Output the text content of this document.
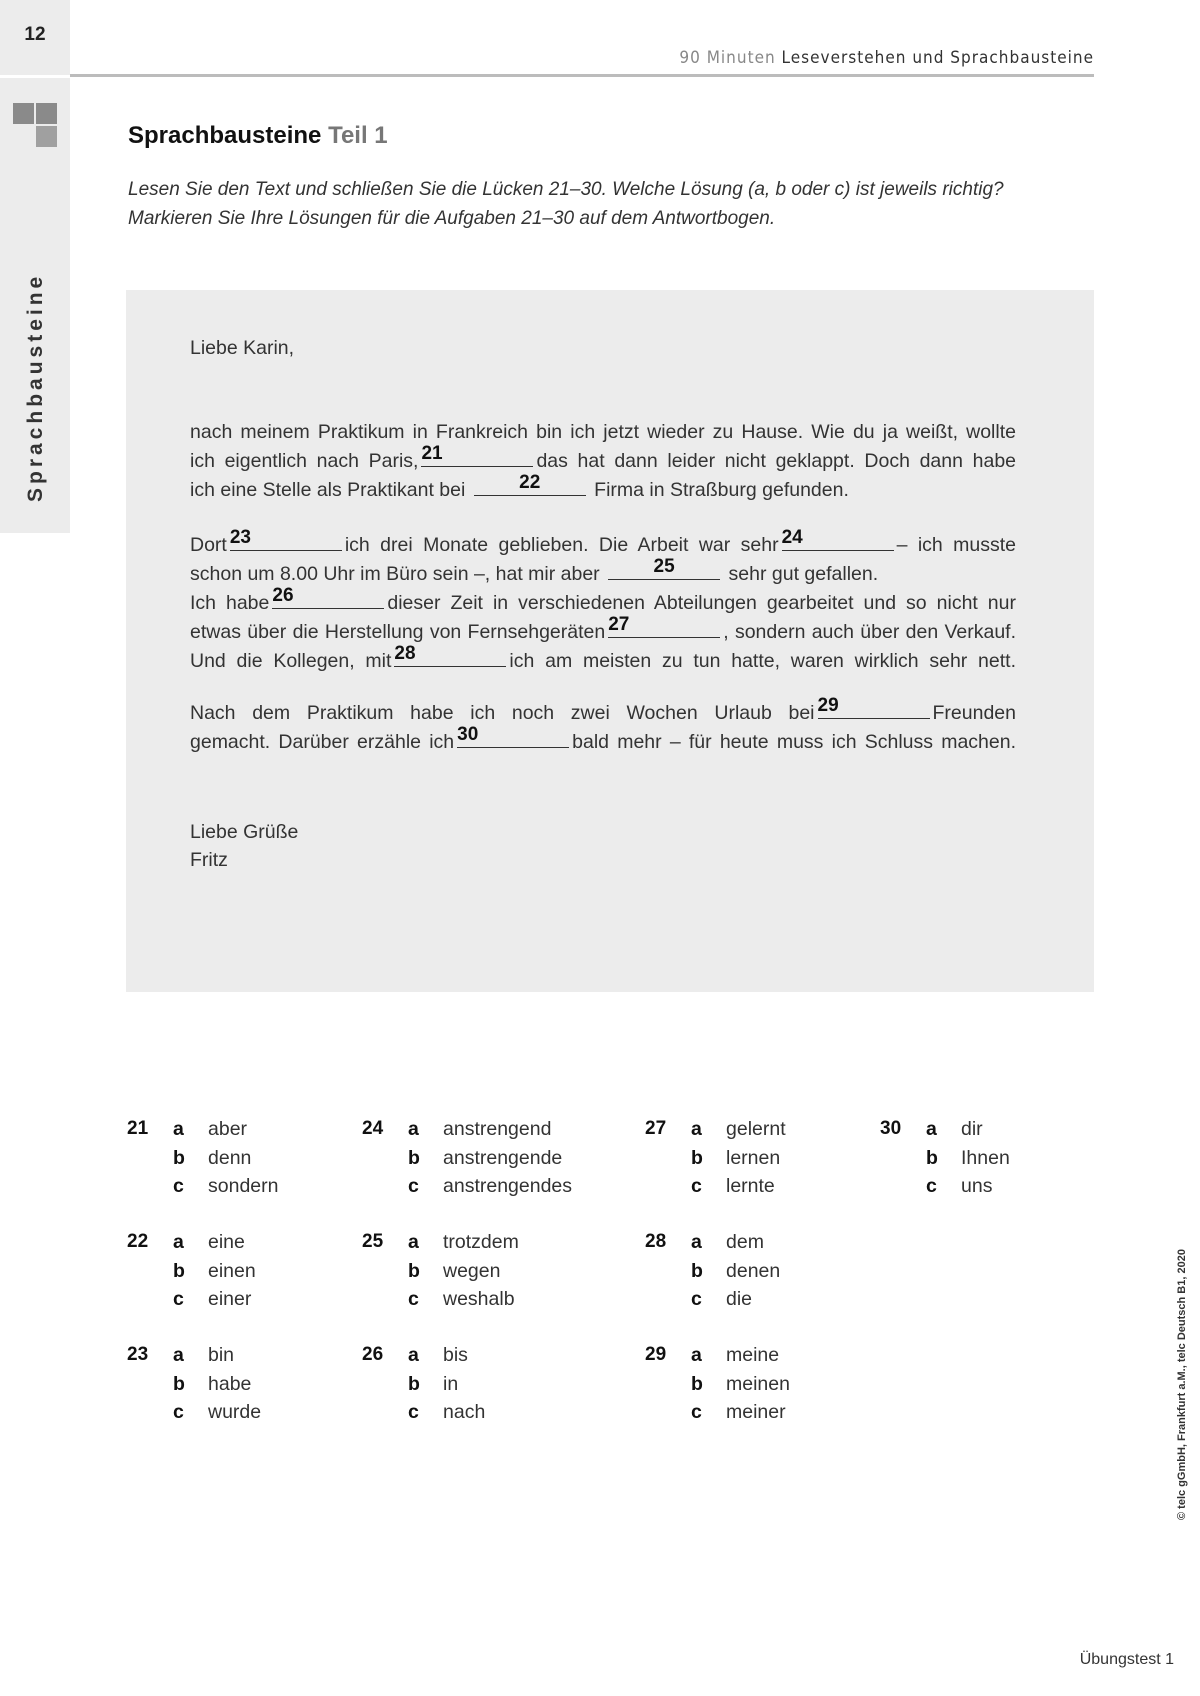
12
Sprachbausteine
90 Minuten Leseverstehen und Sprachbausteine
Sprachbausteine Teil 1
Lesen Sie den Text und schließen Sie die Lücken 21–30. Welche Lösung (a, b oder c) ist jeweils richtig?
Markieren Sie Ihre Lösungen für die Aufgaben 21–30 auf dem Antwortbogen.
Liebe Karin,
nach meinem Praktikum in Frankreich bin ich jetzt wieder zu Hause. Wie du ja weißt, wollte
ich eigentlich nach Paris, 21	das hat dann leider nicht geklappt. Doch dann habe
ich eine Stelle als Praktikant bei	22	Firma in Straßburg gefunden.
Dort 23	ich drei Monate geblieben. Die Arbeit war sehr 24	– ich musste
schon um 8.00 Uhr im Büro sein –, hat mir aber	25	sehr gut gefallen.
Ich habe 26	dieser Zeit in verschiedenen Abteilungen gearbeitet und so nicht nur
etwas über die Herstellung von Fernsehgeräten 27	, sondern auch über den Verkauf.
Und die Kollegen, mit 28	ich am meisten zu tun hatte, waren wirklich sehr nett.
Nach dem Praktikum habe ich noch zwei Wochen Urlaub bei 29	Freunden
gemacht. Darüber erzähle ich 30	bald mehr – für heute muss ich Schluss machen.
Liebe Grüße
Fritz
21 a aber
b denn
c sondern
22 a eine
b einen
c einer
23 a bin
b habe
c wurde
24 a anstrengend
b anstrengende
c anstrengendes
25 a trotzdem
b wegen
c weshalb
26 a bis
b in
c nach
27 a gelernt
b lernen
c lernte
28 a dem
b denen
c die
29 a meine
b meinen
c meiner
30 a dir
b Ihnen
c uns
© telc gGmbH, Frankfurt a.M., telc Deutsch B1, 2020
Übungstest 1
